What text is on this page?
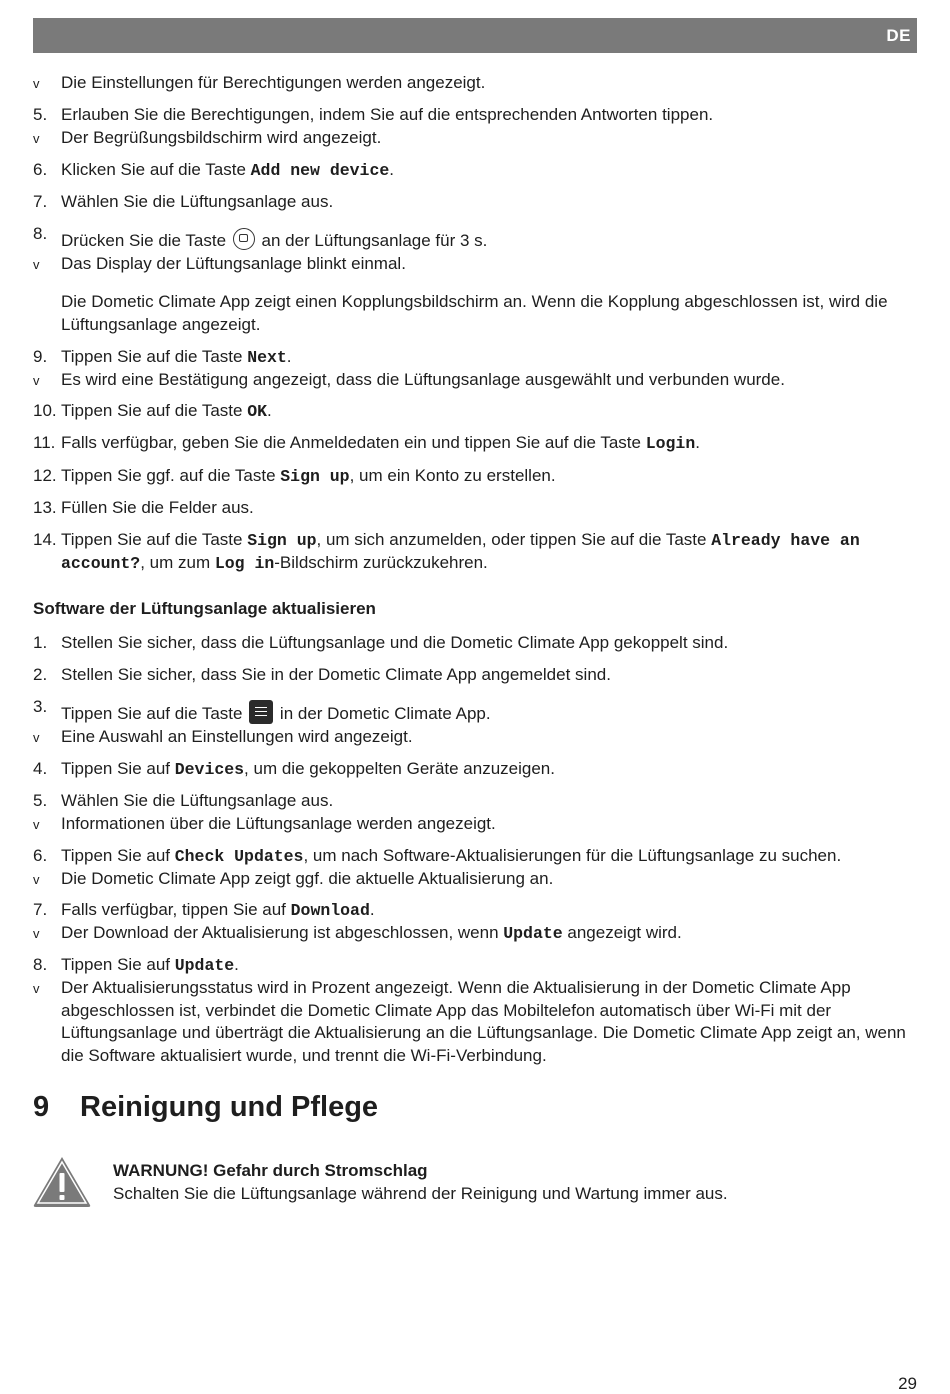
DE
v	Die Einstellungen für Berechtigungen werden angezeigt.
5. Erlauben Sie die Berechtigungen, indem Sie auf die entsprechenden Antworten tippen.
v	Der Begrüßungsbildschirm wird angezeigt.
6. Klicken Sie auf die Taste Add new device.
7. Wählen Sie die Lüftungsanlage aus.
8. Drücken Sie die Taste  an der Lüftungsanlage für 3 s.
v	Das Display der Lüftungsanlage blinkt einmal.
Die Dometic Climate App zeigt einen Kopplungsbildschirm an. Wenn die Kopplung abgeschlossen ist, wird die
Lüftungsanlage angezeigt.
9. Tippen Sie auf die Taste Next.
v	Es wird eine Bestätigung angezeigt, dass die Lüftungsanlage ausgewählt und verbunden wurde.
10. Tippen Sie auf die Taste OK.
11. Falls verfügbar, geben Sie die Anmeldedaten ein und tippen Sie auf die Taste Login.
12. Tippen Sie ggf. auf die Taste Sign up, um ein Konto zu erstellen.
13. Füllen Sie die Felder aus.
14. Tippen Sie auf die Taste Sign up, um sich anzumelden, oder tippen Sie auf die Taste Already have an
account?, um zum Log in-Bildschirm zurückzukehren.
Software der Lüftungsanlage aktualisieren
1. Stellen Sie sicher, dass die Lüftungsanlage und die Dometic Climate App gekoppelt sind.
2. Stellen Sie sicher, dass Sie in der Dometic Climate App angemeldet sind.
3. Tippen Sie auf die Taste
in der Dometic Climate App.
v	Eine Auswahl an Einstellungen wird angezeigt.
4. Tippen Sie auf Devices, um die gekoppelten Geräte anzuzeigen.
5. Wählen Sie die Lüftungsanlage aus.
v	Informationen über die Lüftungsanlage werden angezeigt.
6. Tippen Sie auf Check Updates, um nach Software-Aktualisierungen für die Lüftungsanlage zu suchen.
v	Die Dometic Climate App zeigt ggf. die aktuelle Aktualisierung an.
7. Falls verfügbar, tippen Sie auf Download.
v	Der Download der Aktualisierung ist abgeschlossen, wenn Update angezeigt wird.
8. Tippen Sie auf Update.
v	Der Aktualisierungsstatus wird in Prozent angezeigt. Wenn die Aktualisierung in der Dometic Climate App
abgeschlossen ist, verbindet die Dometic Climate App das Mobiltelefon automatisch über Wi-Fi mit der
Lüftungsanlage und überträgt die Aktualisierung an die Lüftungsanlage. Die Dometic Climate App zeigt an, wenn
die Software aktualisiert wurde, und trennt die Wi-Fi-Verbindung.
9 Reinigung und Pflege
WARNUNG! Gefahr durch Stromschlag
Schalten Sie die Lüftungsanlage während der Reinigung und Wartung immer aus.
29
